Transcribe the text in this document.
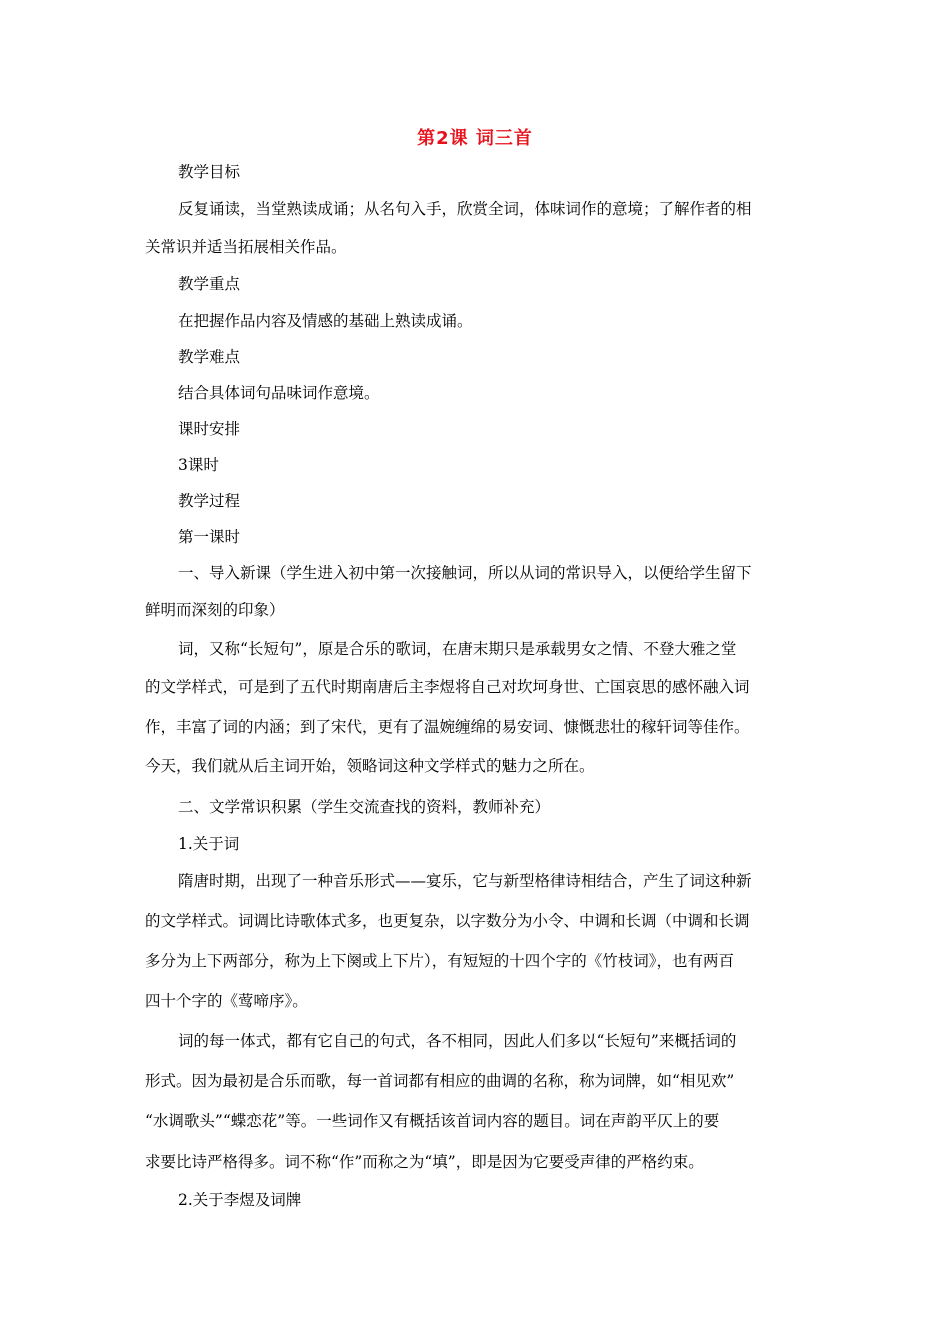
第2课 词三首
教学目标
反复诵读，当堂熟读成诵；从名句入手，欣赏全词，体味词作的意境；了解作者的相
关常识并适当拓展相关作品。
教学重点
在把握作品内容及情感的基础上熟读成诵。
教学难点
结合具体词句品味词作意境。
课时安排
3课时
教学过程
第一课时
一、导入新课（学生进入初中第一次接触词，所以从词的常识导入，以便给学生留下
鲜明而深刻的印象）
词，又称“长短句”，原是合乐的歌词，在唐末期只是承载男女之情、不登大雅之堂
的文学样式，可是到了五代时期南唐后主李煜将自己对坎坷身世、亡国哀思的感怀融入词
作，丰富了词的内涵；到了宋代，更有了温婉缠绵的易安词、慷慨悲壮的稼轩词等佳作。
今天，我们就从后主词开始，领略词这种文学样式的魅力之所在。
二、文学常识积累（学生交流查找的资料，教师补充）
1.关于词
隋唐时期，出现了一种音乐形式——宴乐，它与新型格律诗相结合，产生了词这种新
的文学样式。词调比诗歌体式多，也更复杂，以字数分为小令、中调和长调（中调和长调
多分为上下两部分，称为上下阕或上下片），有短短的十四个字的《竹枝词》，也有两百
四十个字的《莺啼序》。
词的每一体式，都有它自己的句式，各不相同，因此人们多以“长短句”来概括词的
形式。因为最初是合乐而歌，每一首词都有相应的曲调的名称，称为词牌，如“相见欢”
“水调歌头”“蝶恋花”等。一些词作又有概括该首词内容的题目。词在声韵平仄上的要
求要比诗严格得多。词不称“作”而称之为“填”，即是因为它要受声律的严格约束。
2.关于李煜及词牌
